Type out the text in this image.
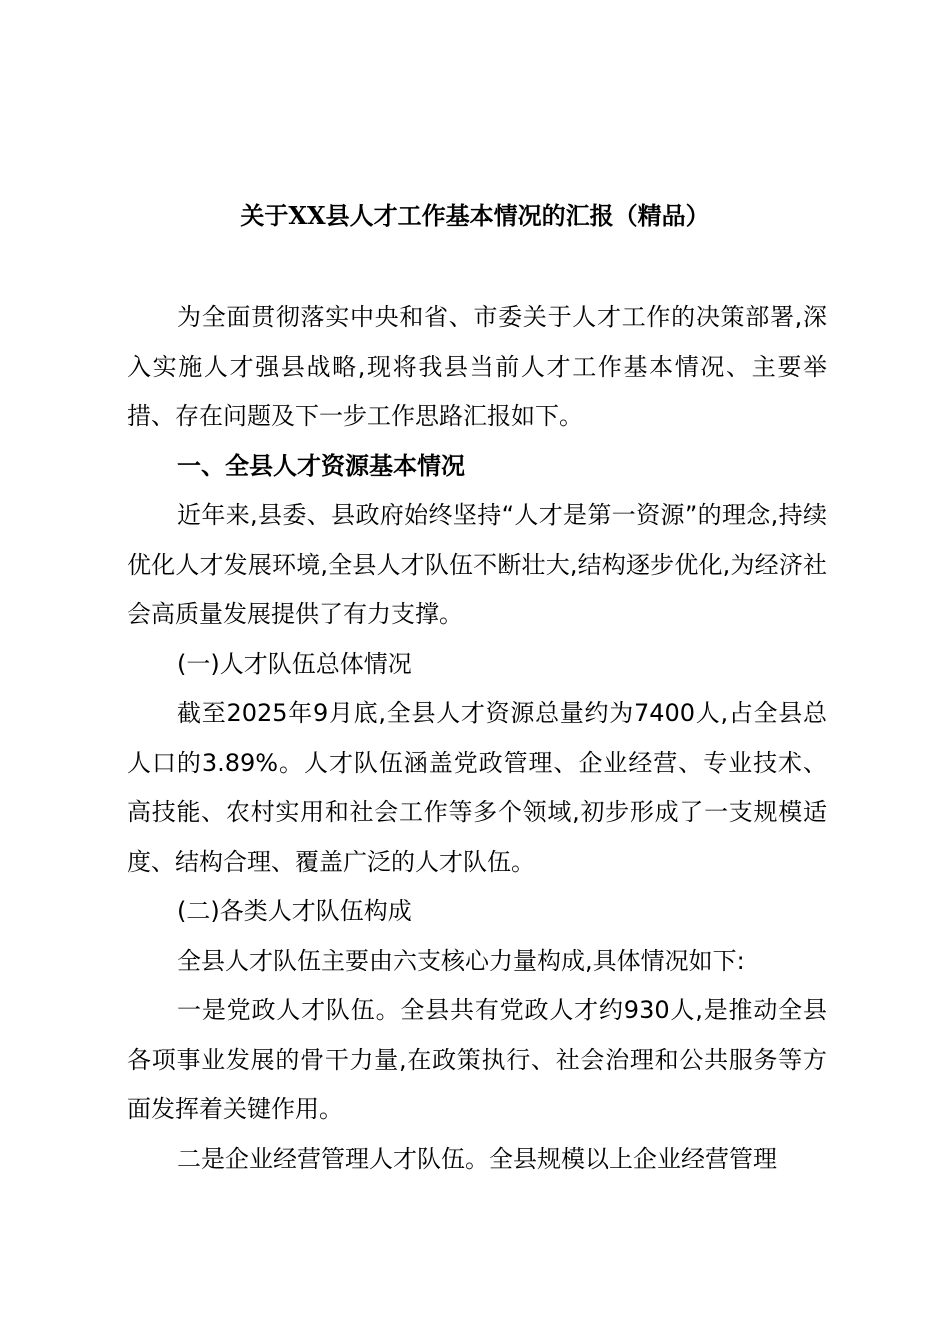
关于XX县人才工作基本情况的汇报（精品）

为全面贯彻落实中央和省、市委关于人才工作的决策部署,深入实施人才强县战略,现将我县当前人才工作基本情况、主要举措、存在问题及下一步工作思路汇报如下。

一、全县人才资源基本情况

近年来,县委、县政府始终坚持“人才是第一资源”的理念,持续优化人才发展环境,全县人才队伍不断壮大,结构逐步优化,为经济社会高质量发展提供了有力支撑。

(一)人才队伍总体情况

截至2025年9月底,全县人才资源总量约为7400人,占全县总人口的3.89%。人才队伍涵盖党政管理、企业经营、专业技术、高技能、农村实用和社会工作等多个领域,初步形成了一支规模适度、结构合理、覆盖广泛的人才队伍。

(二)各类人才队伍构成

全县人才队伍主要由六支核心力量构成,具体情况如下:

一是党政人才队伍。全县共有党政人才约930人,是推动全县各项事业发展的骨干力量,在政策执行、社会治理和公共服务等方面发挥着关键作用。

二是企业经营管理人才队伍。全县规模以上企业经营管理
